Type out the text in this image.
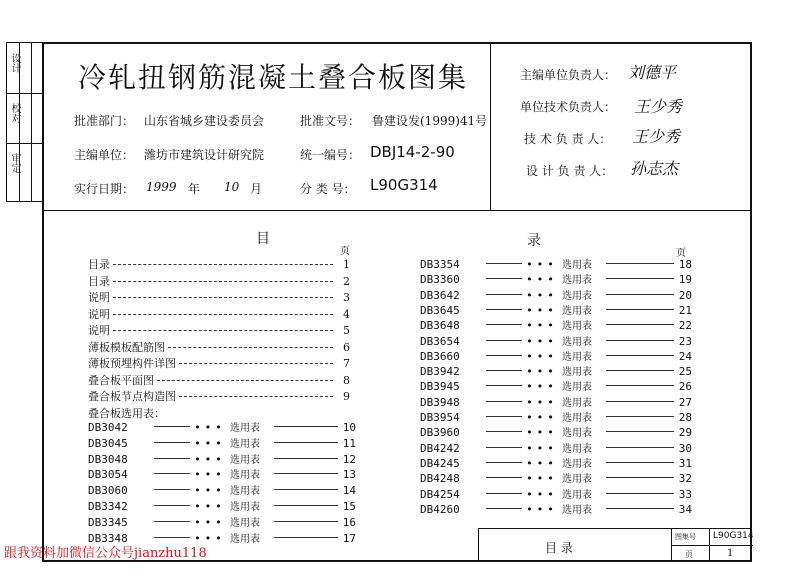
审定
校对
设计 冷轧扭钢筋混凝土叠合板图集
批准部门： 山东省城乡建设委员会	批准文号： 鲁建设发(1999)41号
主编单位： 潍坊市建筑设计研究院	统一编号： DBJ14-2-90
实行日期： 1999 年 10 月	分 类 号： L90G314
主编单位负责人： 刘德平
单位技术负责人： 王少秀
技 术 负 责 人： 王少秀
设 计 负 责 人： 孙志杰
目	录
页	页
目录	1
目录	2
说明	3
说明	4
说明	5
薄板模板配筋图	6
薄板预埋构件详图	7
叠合板平面图	8
叠合板节点构造图	9
叠合板选用表：
DB3042	••• 选用表	10
DB3045	••• 选用表	11
DB3048	••• 选用表	12
DB3054	••• 选用表	13
DB3060	••• 选用表	14
DB3342	••• 选用表	15
DB3345	••• 选用表	16
DB3348	••• 选用表	17
DB3354	••• 选用表	18
DB3360	••• 选用表	19
DB3642	••• 选用表	20
DB3645	••• 选用表	21
DB3648	••• 选用表	22
DB3654	••• 选用表	23
DB3660	••• 选用表	24
DB3942	••• 选用表	25
DB3945	••• 选用表	26
DB3948	••• 选用表	27
DB3954	••• 选用表	28
DB3960	••• 选用表	29
DB4242	••• 选用表	30
DB4245	••• 选用表	31
DB4248	••• 选用表	32
DB4254	••• 选用表	33
DB4260	••• 选用表	34
目 录
图集号 L90G314
页	1
跟我资料加微信公众号jianzhu118
